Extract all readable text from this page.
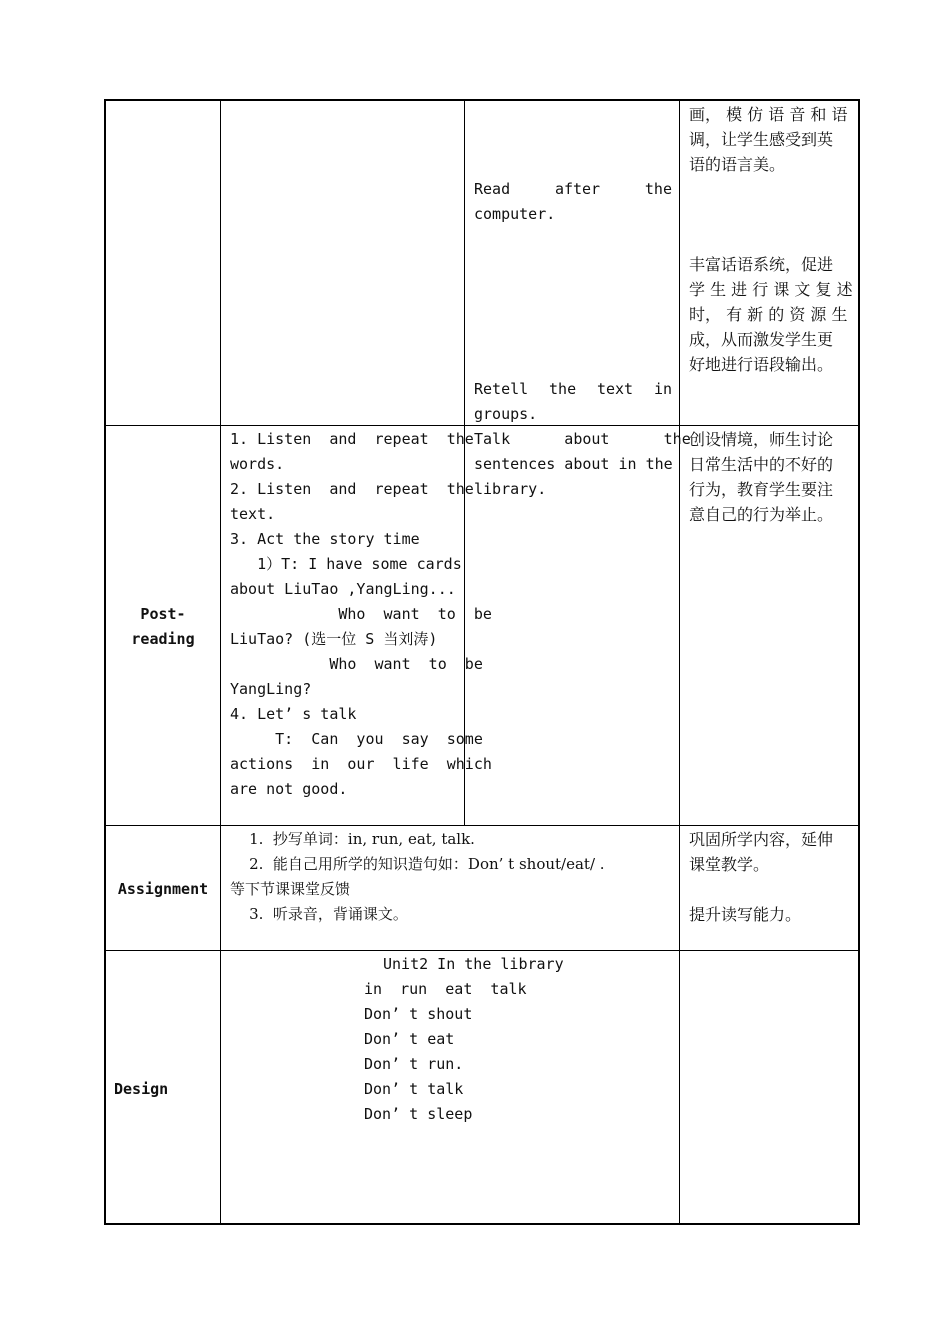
Read	after	the
computer.
Retell the text in
groups.
画， 模 仿 语 音 和 语
调，让学生感受到英
语的语言美。
丰富话语系统，促进
学 生 进 行 课 文 复 述
时， 有 新 的 资 源 生
成，从而激发学生更
好地进行语段输出。
Post-
reading
1. Listen  and  repeat  the
words.
2. Listen  and  repeat  the
text.
3. Act the story time
1）T: I have some cards
about LiuTao ,YangLing...
Who  want  to  be
LiuTao? (选一位 S 当刘涛)
Who  want  to  be
YangLing?
4. Let’ s talk
T:  Can  you  say  some
actions  in  our  life  which
are not good.
Talk      about      the
sentences about in the
library.
创设情境，师生讨论
日常生活中的不好的
行为，教育学生要注
意自己的行为举止。
Assignment
1.  抄写单词：in, run, eat, talk.
2.  能自己用所学的知识造句如：Don’ t shout/eat/ .
等下节课课堂反馈
3.  听录音，背诵课文。
巩固所学内容，延伸
课堂教学。
提升读写能力。
Design
Unit2 In the library
in  run  eat  talk
Don’ t shout
Don’ t eat
Don’ t run.
Don’ t talk
Don’ t sleep
